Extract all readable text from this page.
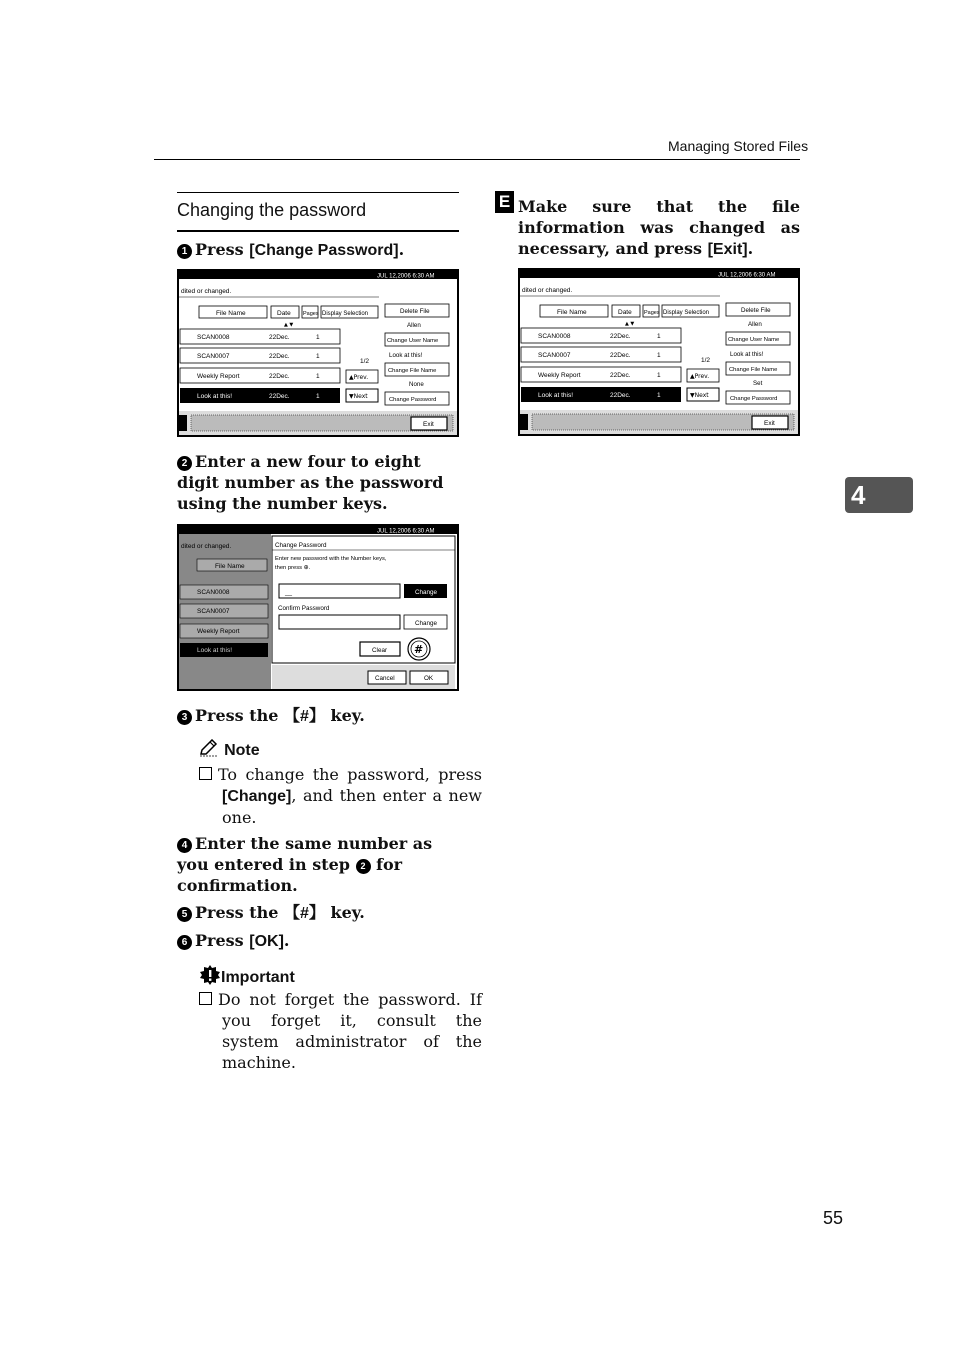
Managing Stored Files
Changing the password
1 Press [Change Password].
JUL 12,2006 6:30 AM
dited or changed.
File Name	Date Pages Display Selection
▲ ▼
SCAN0008	22Dec.	1
SCAN0007	22Dec.	1
Weekly Report	22Dec.	1
Look at this!	22Dec.	1
1/2
▲Prev.
▼Next
Delete File
Allen
Change User Name
Look at this!
Change File Name
None
Change Password
Exit
2 Enter a new four to eight digit number as the password using the number keys.
JUL 12,2006 6:30 AM
dited or changed.
File Name
SCAN0008
SCAN0007
Weekly Report
Look at this!
Change Password
Enter new password with the Number keys,
then press ⊕.
__	Change
Confirm Password
Change
Clear #
Cancel	OK
3 Press the 【#】 key.
Note
To change the password, press [Change], and then enter a new one.
4 Enter the same number as you entered in step 2 for confirmation.
5 Press the 【#】 key.
6 Press [OK].
Important
Do not forget the password. If you forget it, consult the system administrator of the machine.
E Make sure that the file information was changed as necessary, and press [Exit].
JUL 12,2006 6:30 AM
dited or changed.
File Name	Date Pages Display Selection
▲ ▼
SCAN0008	22Dec.	1
SCAN0007	22Dec.	1
Weekly Report	22Dec.	1
Look at this!	22Dec.	1
1/2
▲Prev.
▼Next
Delete File
Allen
Change User Name
Look at this!
Change File Name
Set
Change Password
Exit
4
55
